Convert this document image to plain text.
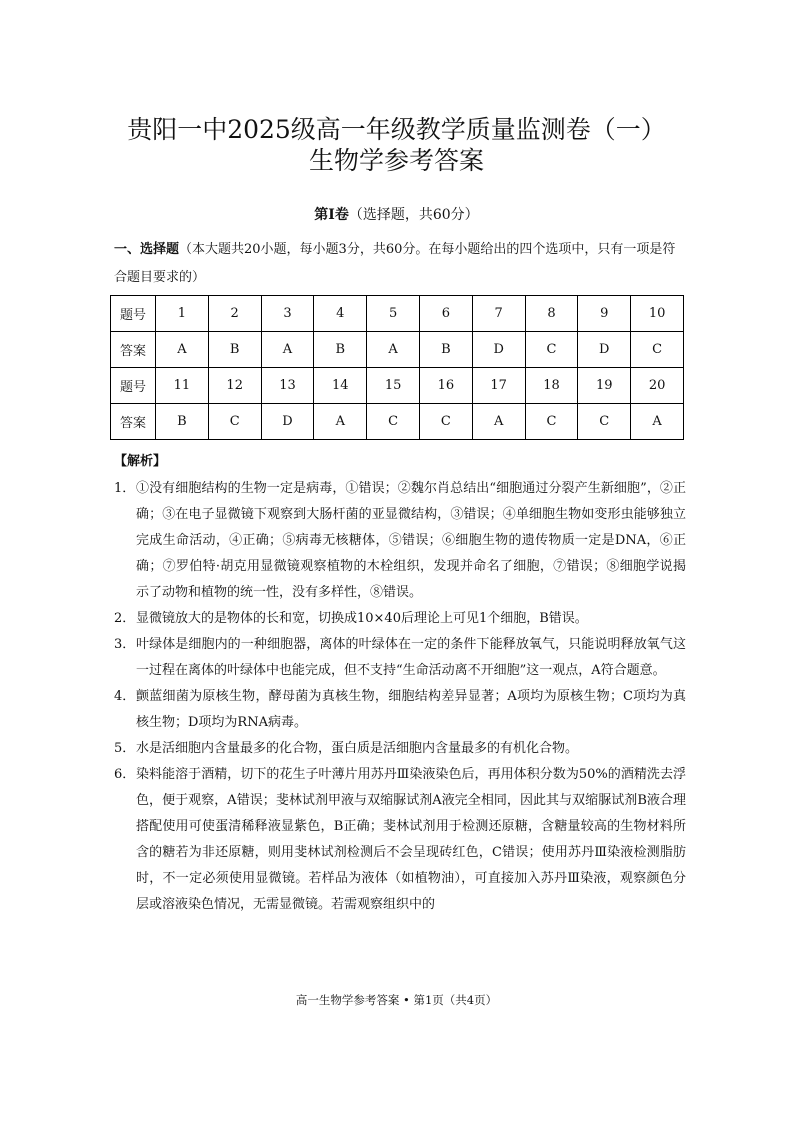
贵阳一中2025级高一年级教学质量监测卷（一）
生物学参考答案
第Ⅰ卷（选择题，共60分）
一、选择题（本大题共20小题，每小题3分，共60分。在每小题给出的四个选项中，只有一项是符合题目要求的）
题号	1	2	3	4	5	6	7	8	9	10
答案	A	B	A	B	A	B	D	C	D	C
题号	11	12	13	14	15	16	17	18	19	20
答案	B	C	D	A	C	C	A	C	C	A
【解析】
1． ①没有细胞结构的生物一定是病毒，①错误；②魏尔肖总结出“细胞通过分裂产生新细胞”，②正确；③在电子显微镜下观察到大肠杆菌的亚显微结构，③错误；④单细胞生物如变形虫能够独立完成生命活动，④正确；⑤病毒无核糖体，⑤错误；⑥细胞生物的遗传物质一定是DNA，⑥正确；⑦罗伯特·胡克用显微镜观察植物的木栓组织，发现并命名了细胞，⑦错误；⑧细胞学说揭示了动物和植物的统一性，没有多样性，⑧错误。
2． 显微镜放大的是物体的长和宽，切换成10×40后理论上可见1个细胞，B错误。
3． 叶绿体是细胞内的一种细胞器，离体的叶绿体在一定的条件下能释放氧气，只能说明释放氧气这一过程在离体的叶绿体中也能完成，但不支持“生命活动离不开细胞”这一观点，A符合题意。
4． 颤蓝细菌为原核生物，酵母菌为真核生物，细胞结构差异显著；A项均为原核生物；C项均为真核生物；D项均为RNA病毒。
5． 水是活细胞内含量最多的化合物，蛋白质是活细胞内含量最多的有机化合物。
6． 染料能溶于酒精，切下的花生子叶薄片用苏丹Ⅲ染液染色后，再用体积分数为50%的酒精洗去浮色，便于观察，A错误；斐林试剂甲液与双缩脲试剂A液完全相同，因此其与双缩脲试剂B液合理搭配使用可使蛋清稀释液显紫色，B正确；斐林试剂用于检测还原糖，含糖量较高的生物材料所含的糖若为非还原糖，则用斐林试剂检测后不会呈现砖红色，C错误；使用苏丹Ⅲ染液检测脂肪时，不一定必须使用显微镜。若样品为液体（如植物油），可直接加入苏丹Ⅲ染液，观察颜色分层或溶液染色情况，无需显微镜。若需观察组织中的
高一生物学参考答案 • 第1页（共4页）
